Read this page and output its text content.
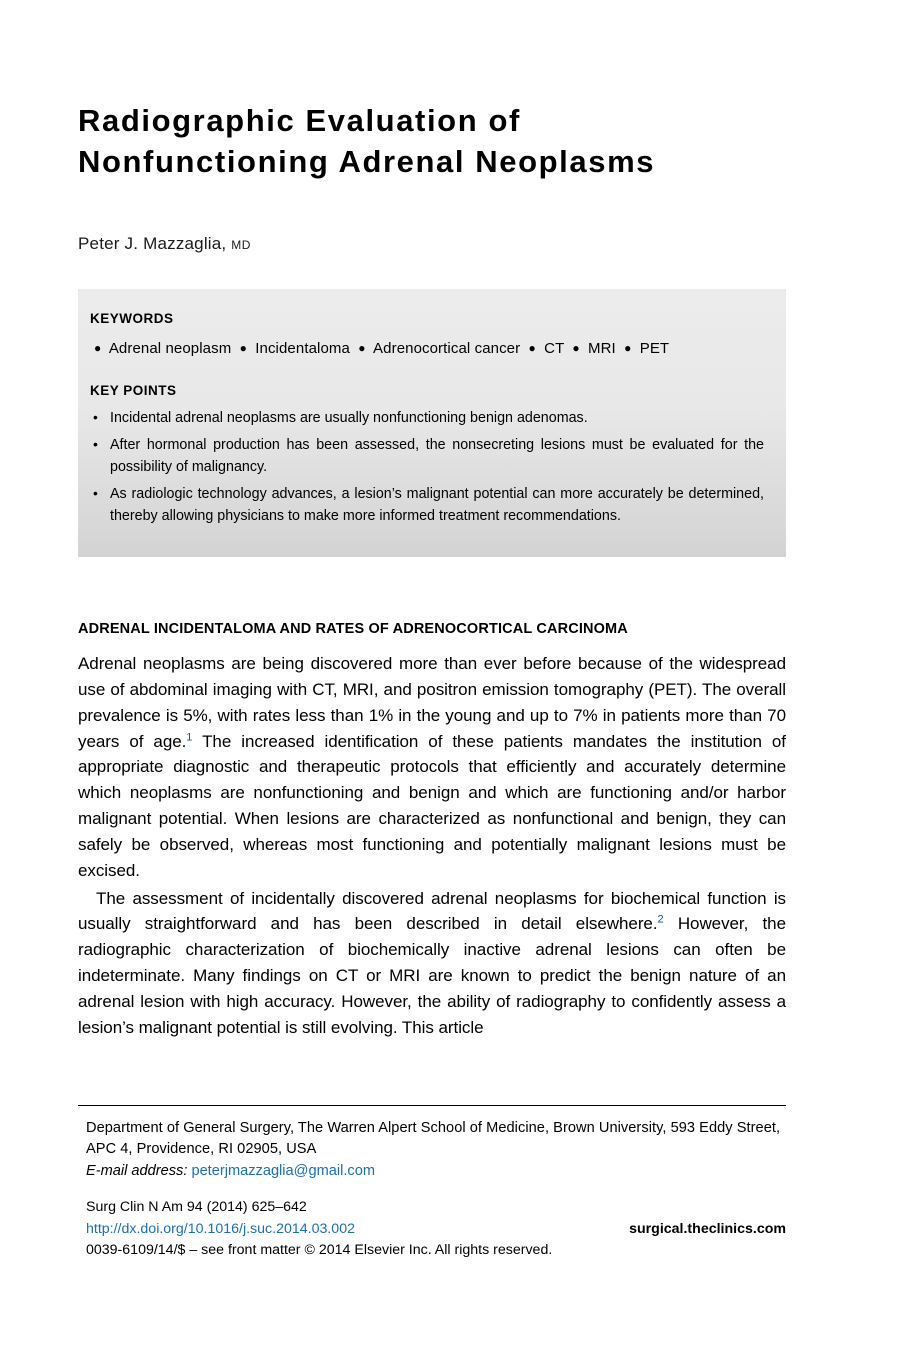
Radiographic Evaluation of Nonfunctioning Adrenal Neoplasms
Peter J. Mazzaglia, MD
KEYWORDS
● Adrenal neoplasm ● Incidentaloma ● Adrenocortical cancer ● CT ● MRI ● PET
KEY POINTS
• Incidental adrenal neoplasms are usually nonfunctioning benign adenomas.
• After hormonal production has been assessed, the nonsecreting lesions must be evaluated for the possibility of malignancy.
• As radiologic technology advances, a lesion’s malignant potential can more accurately be determined, thereby allowing physicians to make more informed treatment recommendations.
ADRENAL INCIDENTALOMA AND RATES OF ADRENOCORTICAL CARCINOMA

Adrenal neoplasms are being discovered more than ever before because of the widespread use of abdominal imaging with CT, MRI, and positron emission tomography (PET). The overall prevalence is 5%, with rates less than 1% in the young and up to 7% in patients more than 70 years of age.$^1$ The increased identification of these patients mandates the institution of appropriate diagnostic and therapeutic protocols that efficiently and accurately determine which neoplasms are nonfunctioning and benign and which are functioning and/or harbor malignant potential. When lesions are characterized as nonfunctional and benign, they can safely be observed, whereas most functioning and potentially malignant lesions must be excised.

The assessment of incidentally discovered adrenal neoplasms for biochemical function is usually straightforward and has been described in detail elsewhere.$^2$ However, the radiographic characterization of biochemically inactive adrenal lesions can often be indeterminate. Many findings on CT or MRI are known to predict the benign nature of an adrenal lesion with high accuracy. However, the ability of radiography to confidently assess a lesion’s malignant potential is still evolving. This article

Department of General Surgery, The Warren Alpert School of Medicine, Brown University, 593 Eddy Street, APC 4, Providence, RI 02905, USA
E-mail address: peterjmazzaglia@gmail.com
Surg Clin N Am 94 (2014) 625–642
http://dx.doi.org/10.1016/j.suc.2014.03.002	surgical.theclinics.com
0039-6109/14/$ – see front matter © 2014 Elsevier Inc. All rights reserved.
